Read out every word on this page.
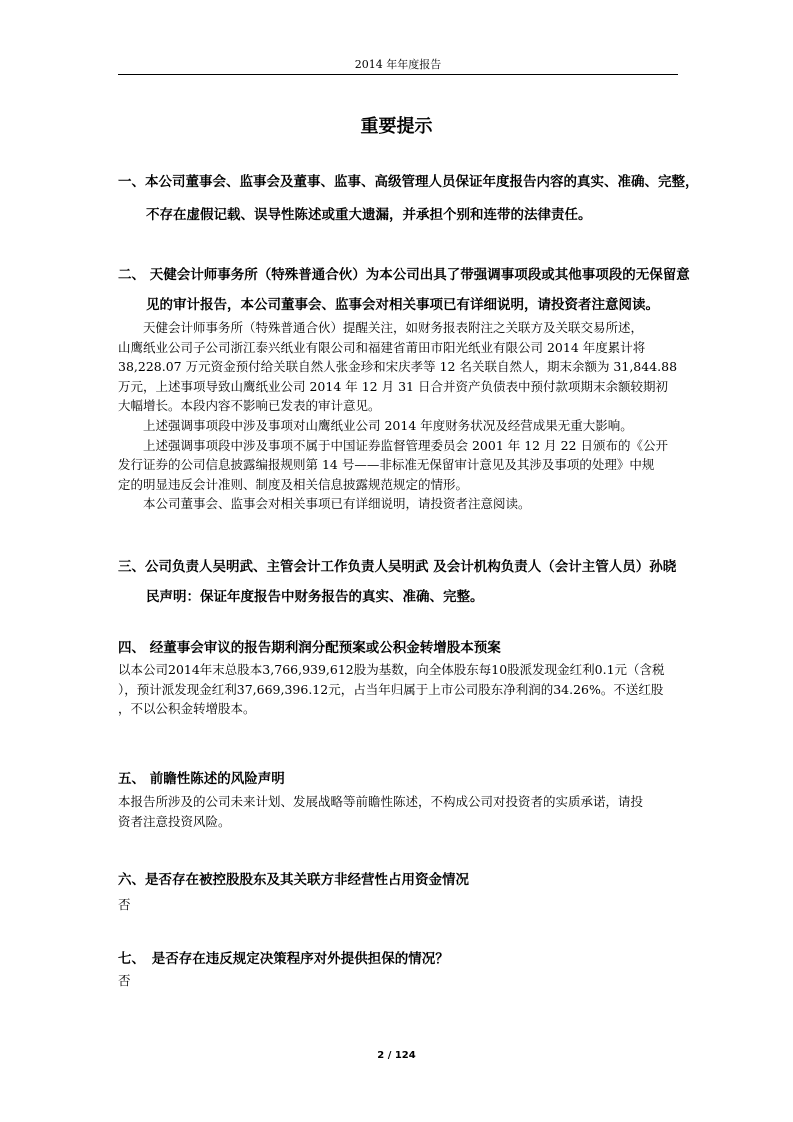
2014 年年度报告
重要提示
一、本公司董事会、监事会及董事、监事、高级管理人员保证年度报告内容的真实、准确、完整，
不存在虚假记载、误导性陈述或重大遗漏，并承担个别和连带的法律责任。
二、 天健会计师事务所（特殊普通合伙）为本公司出具了带强调事项段或其他事项段的无保留意
见的审计报告，本公司董事会、监事会对相关事项已有详细说明，请投资者注意阅读。
　　天健会计师事务所（特殊普通合伙）提醒关注，如财务报表附注之关联方及关联交易所述，
山鹰纸业公司子公司浙江泰兴纸业有限公司和福建省莆田市阳光纸业有限公司 2014 年度累计将
38,228.07 万元资金预付给关联自然人张金珍和宋庆孝等 12 名关联自然人，期末余额为 31,844.88
万元，上述事项导致山鹰纸业公司 2014 年 12 月 31 日合并资产负债表中预付款项期末余额较期初
大幅增长。本段内容不影响已发表的审计意见。
　　上述强调事项段中涉及事项对山鹰纸业公司 2014 年度财务状况及经营成果无重大影响。
　　上述强调事项段中涉及事项不属于中国证券监督管理委员会 2001 年 12 月 22 日颁布的《公开
发行证券的公司信息披露编报规则第 14 号——非标准无保留审计意见及其涉及事项的处理》中规
定的明显违反会计准则、制度及相关信息披露规范规定的情形。
　　本公司董事会、监事会对相关事项已有详细说明，请投资者注意阅读。
三、公司负责人吴明武、主管会计工作负责人吴明武 及会计机构负责人（会计主管人员）孙晓
民声明：保证年度报告中财务报告的真实、准确、完整。
四、 经董事会审议的报告期利润分配预案或公积金转增股本预案
以本公司2014年末总股本3,766,939,612股为基数，向全体股东每10股派发现金红利0.1元（含税
），预计派发现金红利37,669,396.12元，占当年归属于上市公司股东净利润的34.26%。不送红股
，不以公积金转增股本。
五、 前瞻性陈述的风险声明
本报告所涉及的公司未来计划、发展战略等前瞻性陈述，不构成公司对投资者的实质承诺，请投
资者注意投资风险。
六、是否存在被控股股东及其关联方非经营性占用资金情况
否
七、　是否存在违反规定决策程序对外提供担保的情况？
否
2 / 124
